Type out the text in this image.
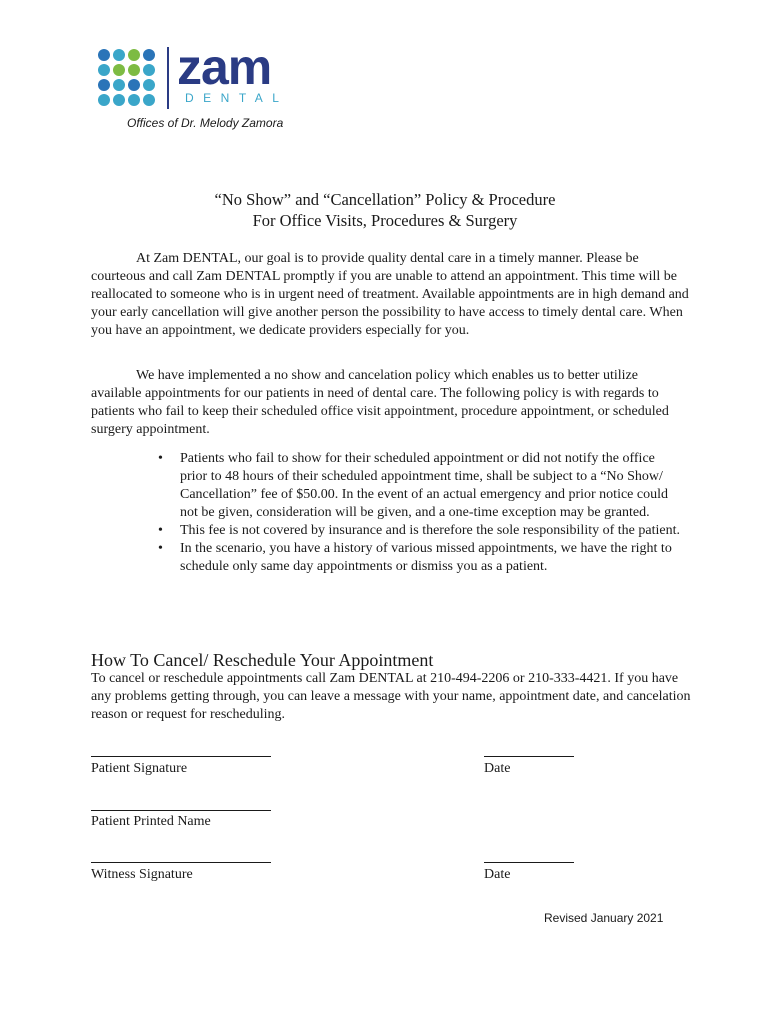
zam
DENTAL
Offices of Dr. Melody Zamora
“No Show” and “Cancellation” Policy & Procedure
For Office Visits, Procedures & Surgery

At Zam DENTAL, our goal is to provide quality dental care in a timely manner. Please be courteous and call Zam DENTAL promptly if you are unable to attend an appointment. This time will be reallocated to someone who is in urgent need of treatment. Available appointments are in high demand and your early cancellation will give another person the possibility to have access to timely dental care. When you have an appointment, we dedicate providers especially for you.

We have implemented a no show and cancelation policy which enables us to better utilize available appointments for our patients in need of dental care. The following policy is with regards to patients who fail to keep their scheduled office visit appointment, procedure appointment, or scheduled surgery appointment.

• Patients who fail to show for their scheduled appointment or did not notify the office prior to 48 hours of their scheduled appointment time, shall be subject to a “No Show/ Cancellation” fee of $50.00. In the event of an actual emergency and prior notice could not be given, consideration will be given, and a one-time exception may be granted.
• This fee is not covered by insurance and is therefore the sole responsibility of the patient.
• In the scenario, you have a history of various missed appointments, we have the right to schedule only same day appointments or dismiss you as a patient.
How To Cancel/ Reschedule Your Appointment

To cancel or reschedule appointments call Zam DENTAL at 210-494-2206 or 210-333-4421. If you have any problems getting through, you can leave a message with your name, appointment date, and cancelation reason or request for rescheduling.

Patient Signature	Date
Patient Printed Name
Witness Signature	Date
Revised January 2021
